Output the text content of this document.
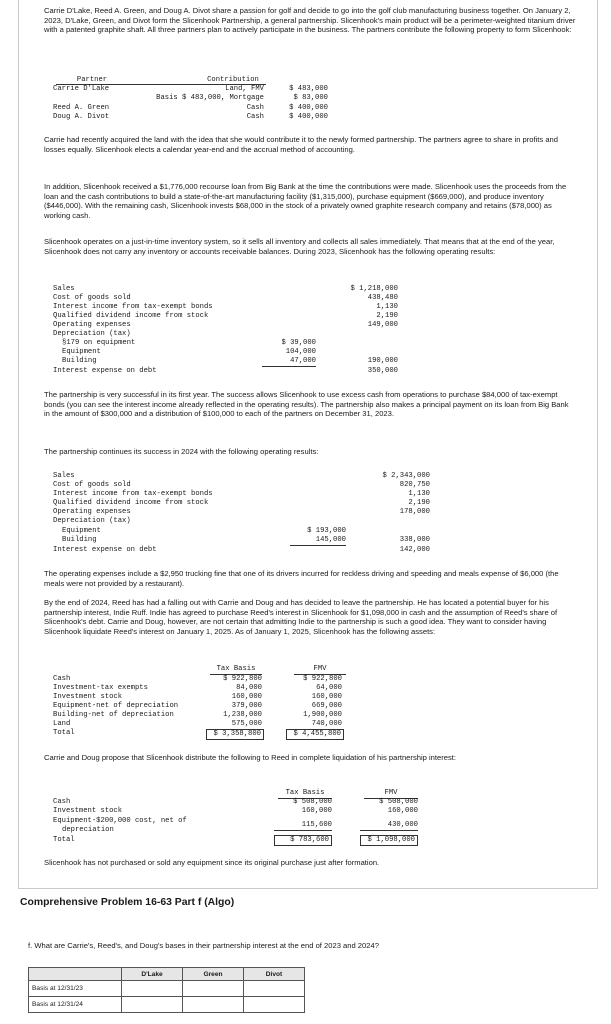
Carrie D'Lake, Reed A. Green, and Doug A. Divot share a passion for golf and decide to go into the golf club manufacturing business together. On January 2, 2023, D'Lake, Green, and Divot form the Slicenhook Partnership, a general partnership. Slicenhook's main product will be a perimeter-weighted titanium driver with a patented graphite shaft. All three partners plan to actively participate in the business. The partners contribute the following property to form Slicenhook:
Partner	Contribution
Carrie D'Lake	Land, FMV	$ 483,000
Basis $ 483,000, Mortgage	$ 83,000
Reed A. Green	Cash	$ 400,000
Doug A. Divot	Cash	$ 400,000
Carrie had recently acquired the land with the idea that she would contribute it to the newly formed partnership. The partners agree to share in profits and losses equally. Slicenhook elects a calendar year-end and the accrual method of accounting.
In addition, Slicenhook received a $1,776,000 recourse loan from Big Bank at the time the contributions were made. Slicenhook uses the proceeds from the loan and the cash contributions to build a state-of-the-art manufacturing facility ($1,315,000), purchase equipment ($669,000), and produce inventory ($446,000). With the remaining cash, Slicenhook invests $68,000 in the stock of a privately owned graphite research company and retains ($78,000) as working cash.
Slicenhook operates on a just-in-time inventory system, so it sells all inventory and collects all sales immediately. That means that at the end of the year, Slicenhook does not carry any inventory or accounts receivable balances. During 2023, Slicenhook has the following operating results:
Sales	$ 1,218,000
Cost of goods sold	438,480
Interest income from tax-exempt bonds	1,130
Qualified dividend income from stock	2,190
Operating expenses	149,000
Depreciation (tax)
§179 on equipment	$ 39,000
Equipment	104,000
Building	47,000	190,000
Interest expense on debt	350,000
The partnership is very successful in its first year. The success allows Slicenhook to use excess cash from operations to purchase $84,000 of tax-exempt bonds (you can see the interest income already reflected in the operating results). The partnership also makes a principal payment on its loan from Big Bank in the amount of $300,000 and a distribution of $100,000 to each of the partners on December 31, 2023.
The partnership continues its success in 2024 with the following operating results:
Sales	$ 2,343,000
Cost of goods sold	820,750
Interest income from tax-exempt bonds	1,130
Qualified dividend income from stock	2,190
Operating expenses	178,000
Depreciation (tax)
Equipment	$ 193,000
Building	145,000	338,000
Interest expense on debt	142,000
The operating expenses include a $2,950 trucking fine that one of its drivers incurred for reckless driving and speeding and meals expense of $6,000 (the meals were not provided by a restaurant).
By the end of 2024, Reed has had a falling out with Carrie and Doug and has decided to leave the partnership. He has located a potential buyer for his partnership interest, Indie Ruff. Indie has agreed to purchase Reed's interest in Slicenhook for $1,098,000 in cash and the assumption of Reed's share of Slicenhook's debt. Carrie and Doug, however, are not certain that admitting Indie to the partnership is such a good idea. They want to consider having Slicenhook liquidate Reed's interest on January 1, 2025. As of January 1, 2025, Slicenhook has the following assets:
Tax Basis	FMV
Cash	$ 922,800	$ 922,800
Investment-tax exempts	84,000	64,000
Investment stock	160,000	160,000
Equipment-net of depreciation	379,000	669,000
Building-net of depreciation	1,238,000	1,900,000
Land	575,000	740,000
Total	$ 3,358,800	$ 4,455,800
Carrie and Doug propose that Slicenhook distribute the following to Reed in complete liquidation of his partnership interest:
Tax Basis	FMV
Cash	$ 508,000	$ 508,000
Investment stock	160,000	160,000
Equipment-$200,000 cost, net of
depreciation
115,600	430,000
Total	$ 783,600	$ 1,098,000
Slicenhook has not purchased or sold any equipment since its original purchase just after formation.
Comprehensive Problem 16-63 Part f (Algo)
f. What are Carrie's, Reed's, and Doug's bases in their partnership interest at the end of 2023 and 2024?
	D'Lake	Green	Divot
Basis at 12/31/23			
Basis at 12/31/24			
